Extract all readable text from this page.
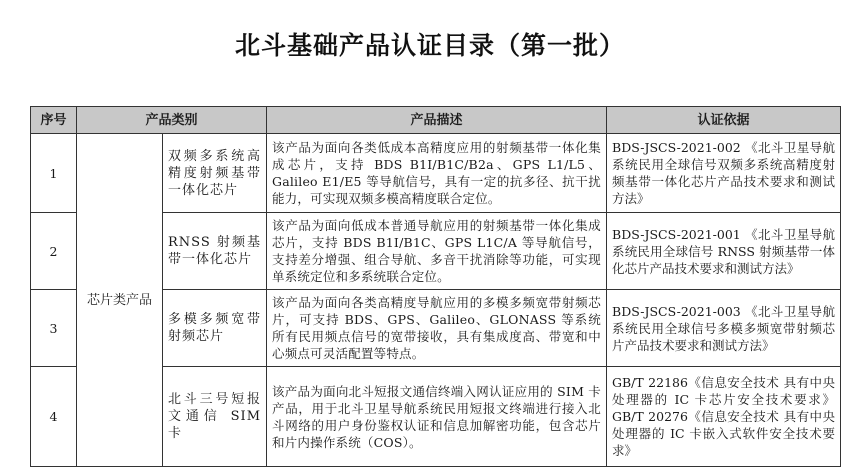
北斗基础产品认证目录（第一批）
序号	产品类别		产品描述	认证依据
1	芯片类产品	双频多系统高精度射频基带一体化芯片	该产品为面向各类低成本高精度应用的射频基带一体化集成芯片，支持 BDS B1I/B1C/B2a、GPS L1/L5、Galileo E1/E5 等导航信号，具有一定的抗多径、抗干扰能力，可实现双频多模高精度联合定位。	BDS-JSCS-2021-002 《北斗卫星导航系统民用全球信号双频多系统高精度射频基带一体化芯片产品技术要求和测试方法》
2		RNSS 射频基带一体化芯片	该产品为面向低成本普通导航应用的射频基带一体化集成芯片，支持 BDS B1I/B1C、GPS L1C/A 等导航信号，支持差分增强、组合导航、多音干扰消除等功能，可实现单系统定位和多系统联合定位。	BDS-JSCS-2021-001 《北斗卫星导航系统民用全球信号 RNSS 射频基带一体化芯片产品技术要求和测试方法》
3		多模多频宽带射频芯片	该产品为面向各类高精度导航应用的多模多频宽带射频芯片，可支持 BDS、GPS、Galileo、GLONASS 等系统所有民用频点信号的宽带接收，具有集成度高、带宽和中心频点可灵活配置等特点。	BDS-JSCS-2021-003 《北斗卫星导航系统民用全球信号多模多频宽带射频芯片产品技术要求和测试方法》
4		北斗三号短报文通信 SIM 卡	该产品为面向北斗短报文通信终端入网认证应用的 SIM 卡产品，用于北斗卫星导航系统民用短报文终端进行接入北斗网络的用户身份鉴权认证和信息加解密功能，包含芯片和片内操作系统（COS）。	GB/T 22186《信息安全技术 具有中央处理器的 IC 卡芯片安全技术要求》GB/T 20276《信息安全技术 具有中央处理器的 IC 卡嵌入式软件安全技术要求》
